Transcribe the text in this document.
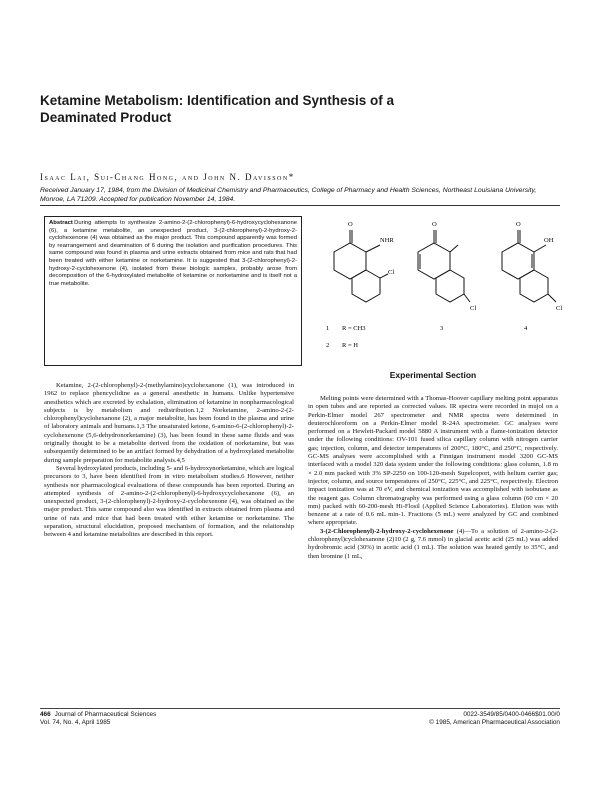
Ketamine Metabolism: Identification and Synthesis of a Deaminated Product
Isaac Lai, Sui-Chang Hong, and John N. Davisson*
Received January 17, 1984, from the Division of Medicinal Chemistry and Pharmaceutics, College of Pharmacy and Health Sciences, Northeast Louisiana University, Monroe, LA 71209. Accepted for publication November 14, 1984.
Abstract During attempts to synthesize 2-amino-2-(2-chlorophenyl)-6-hydroxycyclohexanone (6), a ketamine metabolite, an unexpected product, 3-(2-chlorophenyl)-2-hydroxy-2-cyclohexenone (4) was obtained as the major product. This compound apparently was formed by rearrangement and deamination of 6 during the isolation and purification procedures. This same compound was found in plasma and urine extracts obtained from mice and rats that had been treated with either ketamine or norketamine. It is suggested that 3-(2-chlorophenyl)-2-hydroxy-2-cyclohexenone (4), isolated from these biologic samples, probably arose from decomposition of the 6-hydroxylated metabolite of ketamine or norketamine and is itself not a true metabolite.
O
NHR
Cl
O
Cl
O
OH
Cl
1 R = CH3
2 R = H
3	4

Ketamine, 2-(2-chlorophenyl)-2-(methylamino)cyclohexanone (1), was introduced in 1962 to replace phencyclidine as a general anesthetic in humans. Unlike hypertensive anesthetics which are excreted by exhalation, elimination of ketamine in nonpharmacological subjects is by metabolism and redistribution.1,2 Norketamine, 2-amino-2-(2-chlorophenyl)cyclohexanone (2), a major metabolite, has been found in the plasma and urine of laboratory animals and humans.1,3 The unsaturated ketone, 6-amino-6-(2-chlorophenyl)-2-cyclohexenone (5,6-dehydronorketamine) (3), has been found in these same fluids and was originally thought to be a metabolite derived from the oxidation of norketamine, but was subsequently determined to be an artifact formed by dehydration of a hydroxylated metabolite during sample preparation for metabolite analysis.4,5

Several hydroxylated products, including 5- and 6-hydroxynorketamine, which are logical precursors to 3, have been identified from in vitro metabolism studies.6 However, neither synthesis nor pharmacological evaluations of these compounds has been reported. During an attempted synthesis of 2-amino-2-(2-chlorophenyl)-6-hydroxycyclohexanone (6), an unexpected product, 3-(2-chlorophenyl)-2-hydroxy-2-cyclohexenone (4), was obtained as the major product. This same compound also was identified in extracts obtained from plasma and urine of rats and mice that had been treated with either ketamine or norketamine. The separation, structural elucidation, proposed mechanism of formation, and the relationship between 4 and ketamine metabolites are described in this report.

Experimental Section

Melting points were determined with a Thomas-Hoover capillary melting point apparatus in open tubes and are reported as corrected values. IR spectra were recorded in mujol on a Perkin-Elmer model 267 spectrometer and NMR spectra were determined in deuterochloroform on a Perkin-Elmer model R-24A spectrometer. GC analyses were performed on a Hewlett-Packard model 5880 A instrument with a flame-ionization detector under the following conditions: OV-101 fused silica capillary column with nitrogen carrier gas; injection, column, and detector temperatures of 200°C, 180°C, and 250°C, respectively. GC-MS analyses were accomplished with a Finnigan instrument model 3200 GC-MS interfaced with a model 320 data system under the following conditions: glass column, 1.8 m × 2.0 mm packed with 3% SP-2250 on 100-120-mesh Supelcoport, with helium carrier gas; injector, column, and source temperatures of 250°C, 225°C, and 225°C, respectively. Electron impact ionization was at 70 eV, and chemical ionization was accomplished with isobutane as the reagent gas. Column chromatography was performed using a glass column (60 cm × 20 mm) packed with 60-200-mesh Hi-Flosil (Applied Science Laboratories). Elution was with benzene at a rate of 0.6 mL min-1. Fractions (5 mL) were analyzed by GC and combined where appropriate.

3-(2-Chlorophenyl)-2-hydroxy-2-cyclohexenone (4)—To a solution of 2-amino-2-(2-chlorophenyl)cyclohexanone (2)10 (2 g, 7.6 mmol) in glacial acetic acid (25 mL) was added hydrobromic acid (30%) in acetic acid (1 mL). The solution was heated gently to 35°C, and then bromine (1 mL,

466 Journal of Pharmaceutical Sciences
Vol. 74, No. 4, April 1985
0022-3549/85/0400-0466$01.00/0
© 1985, American Pharmaceutical Association
